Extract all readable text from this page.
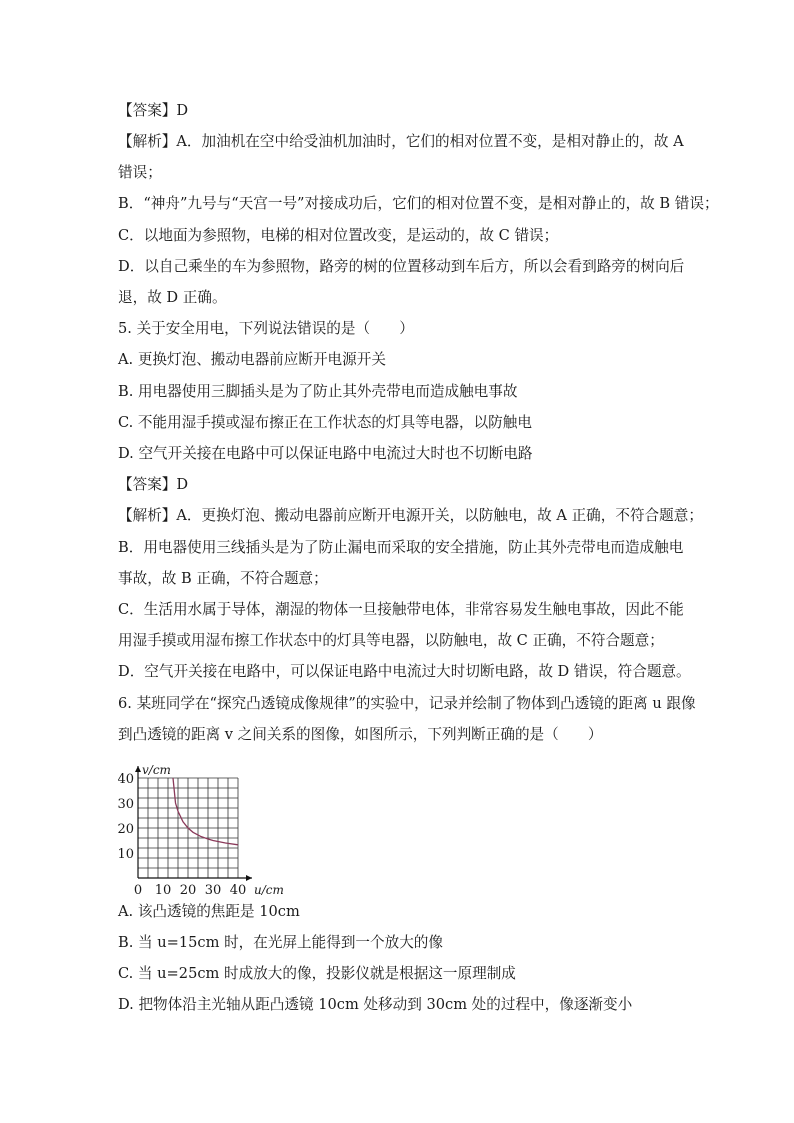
【答案】D
【解析】A．加油机在空中给受油机加油时，它们的相对位置不变，是相对静止的，故 A
错误；
B．“神舟”九号与“天宫一号”对接成功后，它们的相对位置不变，是相对静止的，故 B 错误；
C．以地面为参照物，电梯的相对位置改变，是运动的，故 C 错误；
D．以自己乘坐的车为参照物，路旁的树的位置移动到车后方，所以会看到路旁的树向后
退，故 D 正确。
5. 关于安全用电，下列说法错误的是（　　）
A. 更换灯泡、搬动电器前应断开电源开关
B. 用电器使用三脚插头是为了防止其外壳带电而造成触电事故
C. 不能用湿手摸或湿布擦正在工作状态的灯具等电器，以防触电
D. 空气开关接在电路中可以保证电路中电流过大时也不切断电路
【答案】D
【解析】A．更换灯泡、搬动电器前应断开电源开关，以防触电，故 A 正确，不符合题意；
B．用电器使用三线插头是为了防止漏电而采取的安全措施，防止其外壳带电而造成触电
事故，故 B 正确，不符合题意；
C．生活用水属于导体，潮湿的物体一旦接触带电体，非常容易发生触电事故，因此不能
用湿手摸或用湿布擦工作状态中的灯具等电器，以防触电，故 C 正确，不符合题意；
D．空气开关接在电路中，可以保证电路中电流过大时切断电路，故 D 错误，符合题意。
6. 某班同学在“探究凸透镜成像规律”的实验中，记录并绘制了物体到凸透镜的距离 u 跟像
到凸透镜的距离 v 之间关系的图像，如图所示，下列判断正确的是（　　）
0 10 20 30 40
10
20
30
40
v/cm
u/cm
A. 该凸透镜的焦距是 10cm
B. 当 u=15cm 时，在光屏上能得到一个放大的像
C. 当 u=25cm 时成放大的像，投影仪就是根据这一原理制成
D. 把物体沿主光轴从距凸透镜 10cm 处移动到 30cm 处的过程中，像逐渐变小
